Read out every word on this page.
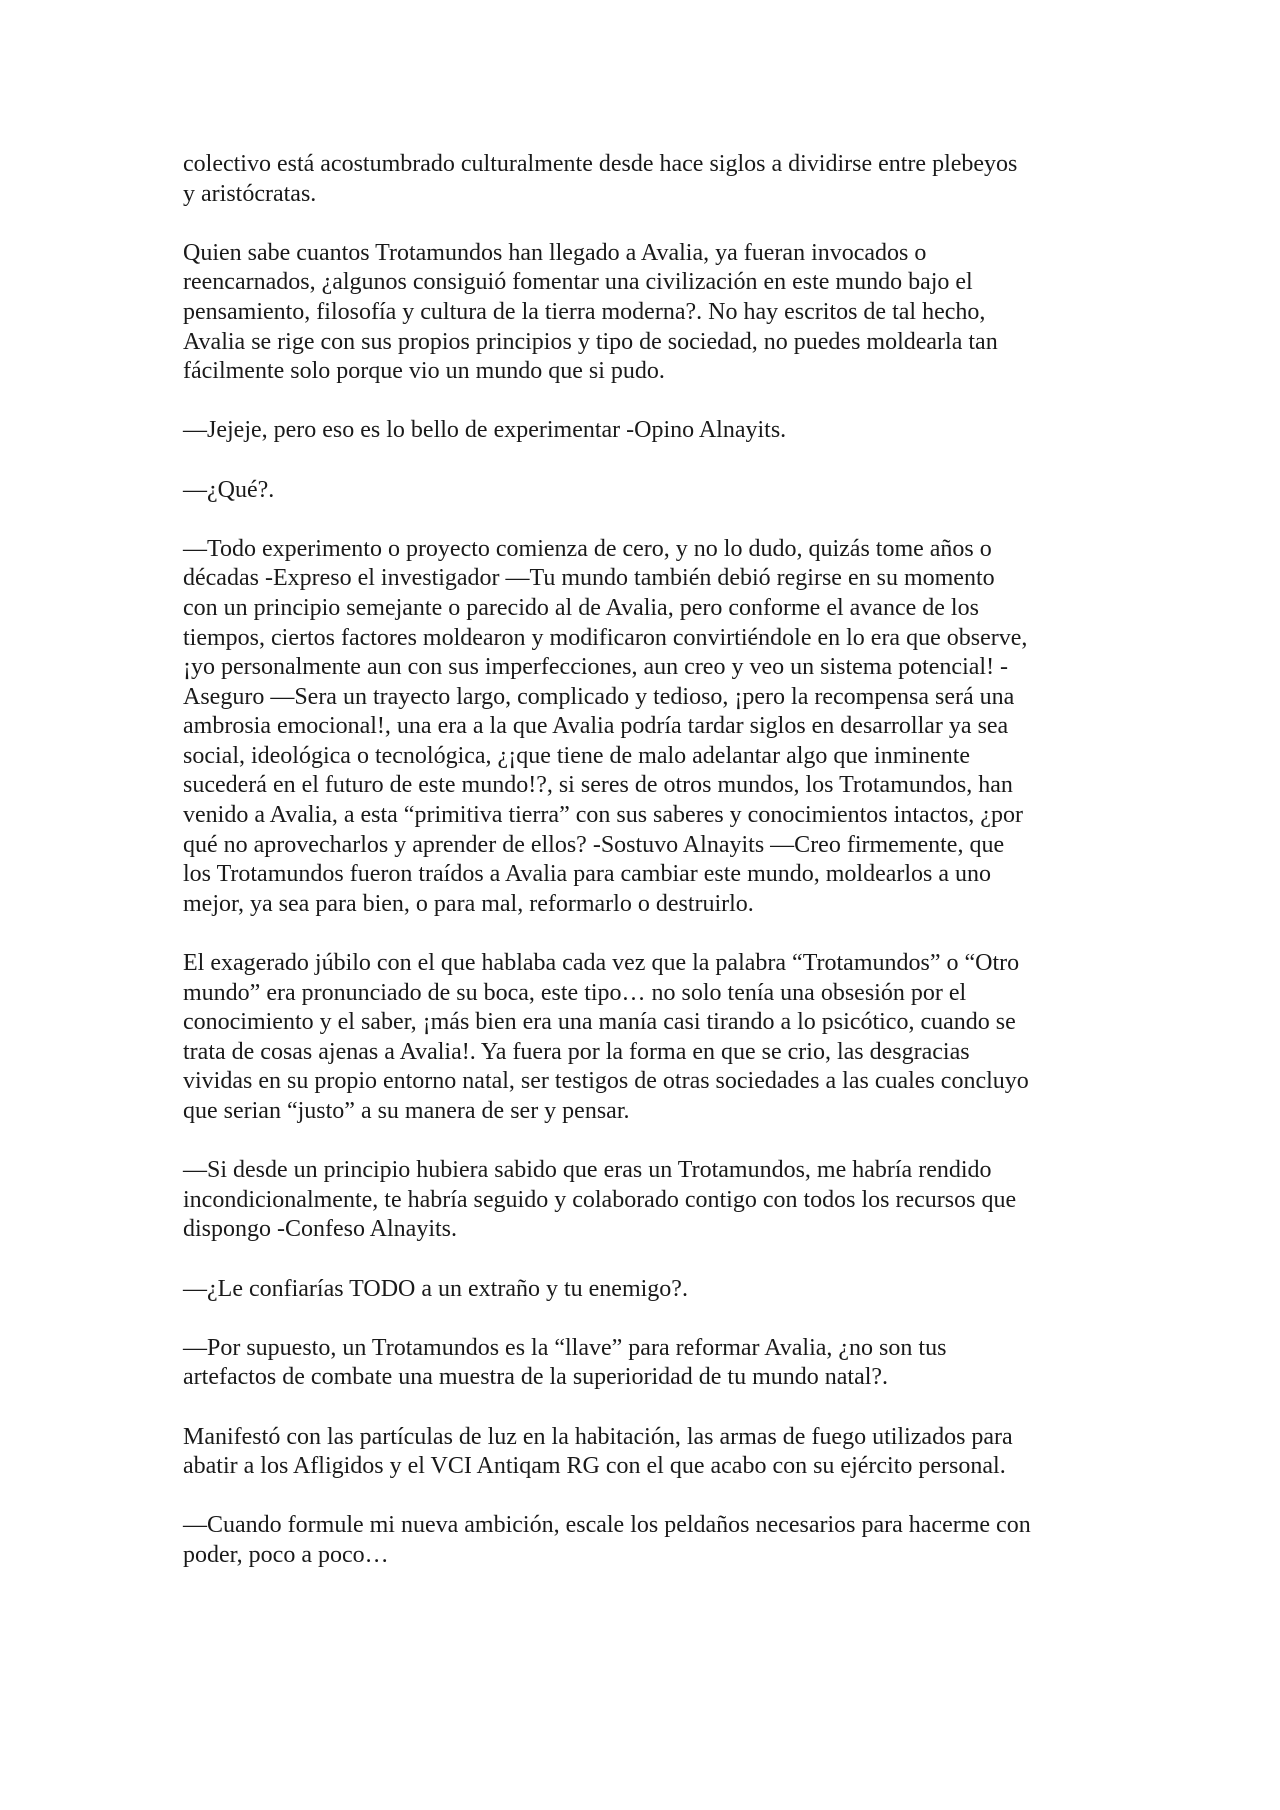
colectivo está acostumbrado culturalmente desde hace siglos a dividirse entre plebeyos
y aristócratas.

Quien sabe cuantos Trotamundos han llegado a Avalia, ya fueran invocados o
reencarnados, ¿algunos consiguió fomentar una civilización en este mundo bajo el
pensamiento, filosofía y cultura de la tierra moderna?. No hay escritos de tal hecho,
Avalia se rige con sus propios principios y tipo de sociedad, no puedes moldearla tan
fácilmente solo porque vio un mundo que si pudo.

—Jejeje, pero eso es lo bello de experimentar -Opino Alnayits.

—¿Qué?.

—Todo experimento o proyecto comienza de cero, y no lo dudo, quizás tome años o
décadas -Expreso el investigador —Tu mundo también debió regirse en su momento
con un principio semejante o parecido al de Avalia, pero conforme el avance de los
tiempos, ciertos factores moldearon y modificaron convirtiéndole en lo era que observe,
¡yo personalmente aun con sus imperfecciones, aun creo y veo un sistema potencial! -
Aseguro —Sera un trayecto largo, complicado y tedioso, ¡pero la recompensa será una
ambrosia emocional!, una era a la que Avalia podría tardar siglos en desarrollar ya sea
social, ideológica o tecnológica, ¿¡que tiene de malo adelantar algo que inminente
sucederá en el futuro de este mundo!?, si seres de otros mundos, los Trotamundos, han
venido a Avalia, a esta “primitiva tierra” con sus saberes y conocimientos intactos, ¿por
qué no aprovecharlos y aprender de ellos? -Sostuvo Alnayits —Creo firmemente, que
los Trotamundos fueron traídos a Avalia para cambiar este mundo, moldearlos a uno
mejor, ya sea para bien, o para mal, reformarlo o destruirlo.

El exagerado júbilo con el que hablaba cada vez que la palabra “Trotamundos” o “Otro
mundo” era pronunciado de su boca, este tipo… no solo tenía una obsesión por el
conocimiento y el saber, ¡más bien era una manía casi tirando a lo psicótico, cuando se
trata de cosas ajenas a Avalia!. Ya fuera por la forma en que se crio, las desgracias
vividas en su propio entorno natal, ser testigos de otras sociedades a las cuales concluyo
que serian “justo” a su manera de ser y pensar.

—Si desde un principio hubiera sabido que eras un Trotamundos, me habría rendido
incondicionalmente, te habría seguido y colaborado contigo con todos los recursos que
dispongo -Confeso Alnayits.

—¿Le confiarías TODO a un extraño y tu enemigo?.

—Por supuesto, un Trotamundos es la “llave” para reformar Avalia, ¿no son tus
artefactos de combate una muestra de la superioridad de tu mundo natal?.

Manifestó con las partículas de luz en la habitación, las armas de fuego utilizados para
abatir a los Afligidos y el VCI Antiqam RG con el que acabo con su ejército personal.

—Cuando formule mi nueva ambición, escale los peldaños necesarios para hacerme con
poder, poco a poco…
